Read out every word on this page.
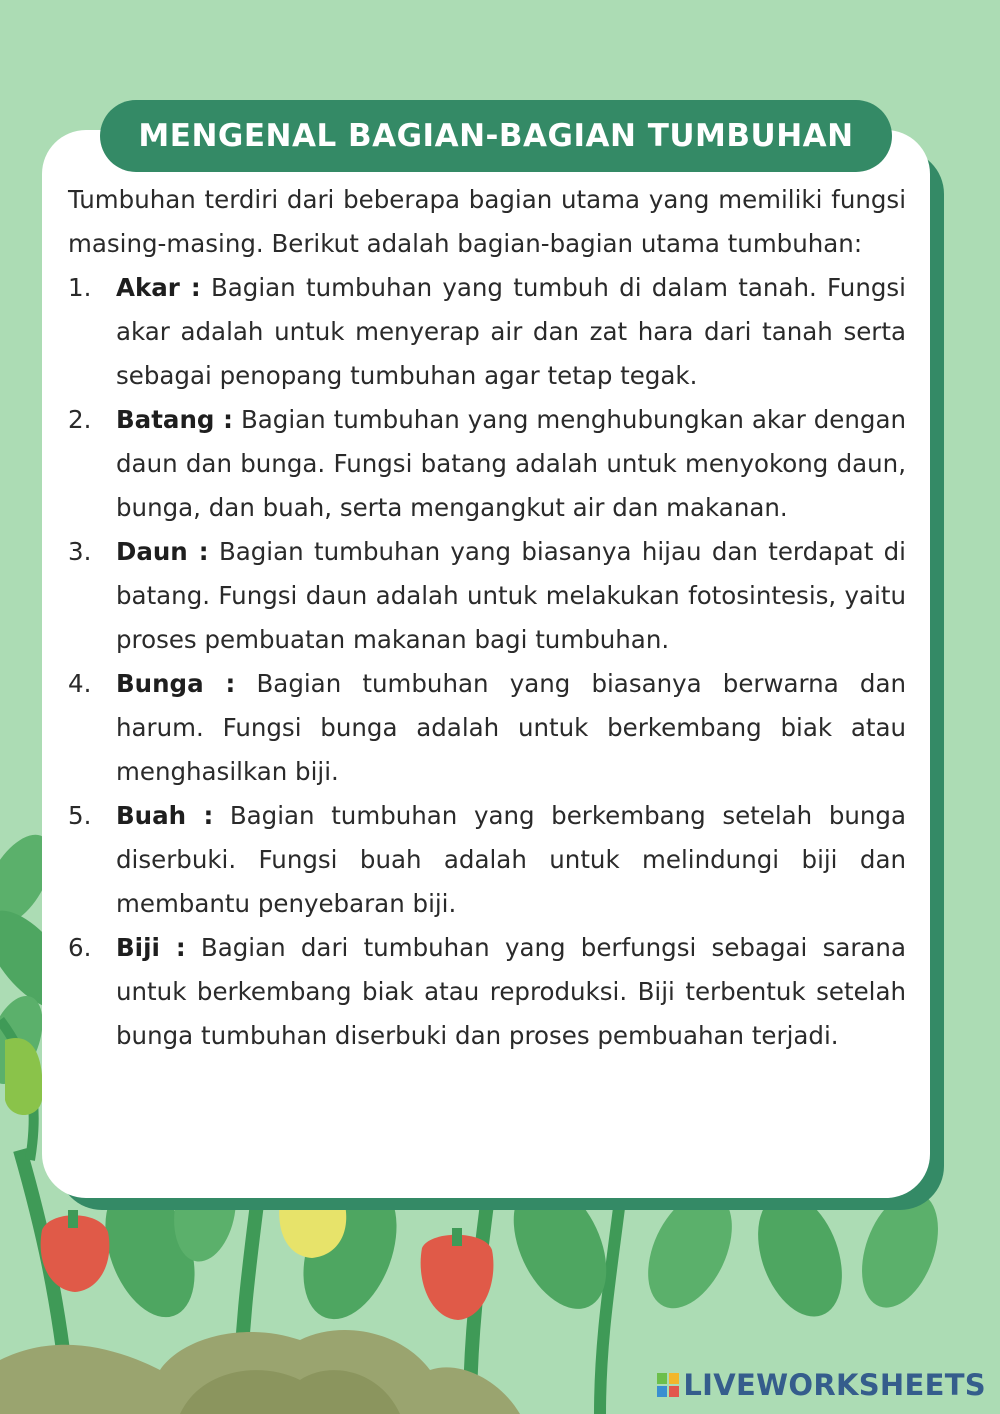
MENGENAL BAGIAN-BAGIAN TUMBUHAN

Tumbuhan terdiri dari beberapa bagian utama yang memiliki fungsi masing-masing. Berikut adalah bagian-bagian utama tumbuhan:

1.	Akar : Bagian tumbuhan yang tumbuh di dalam tanah. Fungsi akar adalah untuk menyerap air dan zat hara dari tanah serta sebagai penopang tumbuhan agar tetap tegak.
2.	Batang : Bagian tumbuhan yang menghubungkan akar dengan daun dan bunga. Fungsi batang adalah untuk menyokong daun, bunga, dan buah, serta mengangkut air dan makanan.
3.	Daun : Bagian tumbuhan yang biasanya hijau dan terdapat di batang. Fungsi daun adalah untuk melakukan fotosintesis, yaitu proses pembuatan makanan bagi tumbuhan.
4.	Bunga : Bagian tumbuhan yang biasanya berwarna dan harum. Fungsi bunga adalah untuk berkembang biak atau menghasilkan biji.
5.	Buah : Bagian tumbuhan yang berkembang setelah bunga diserbuki. Fungsi buah adalah untuk melindungi biji dan membantu penyebaran biji.
6.	Biji : Bagian dari tumbuhan yang berfungsi sebagai sarana untuk berkembang biak atau reproduksi. Biji terbentuk setelah bunga tumbuhan diserbuki dan proses pembuahan terjadi.
LIVEWORKSHEETS
